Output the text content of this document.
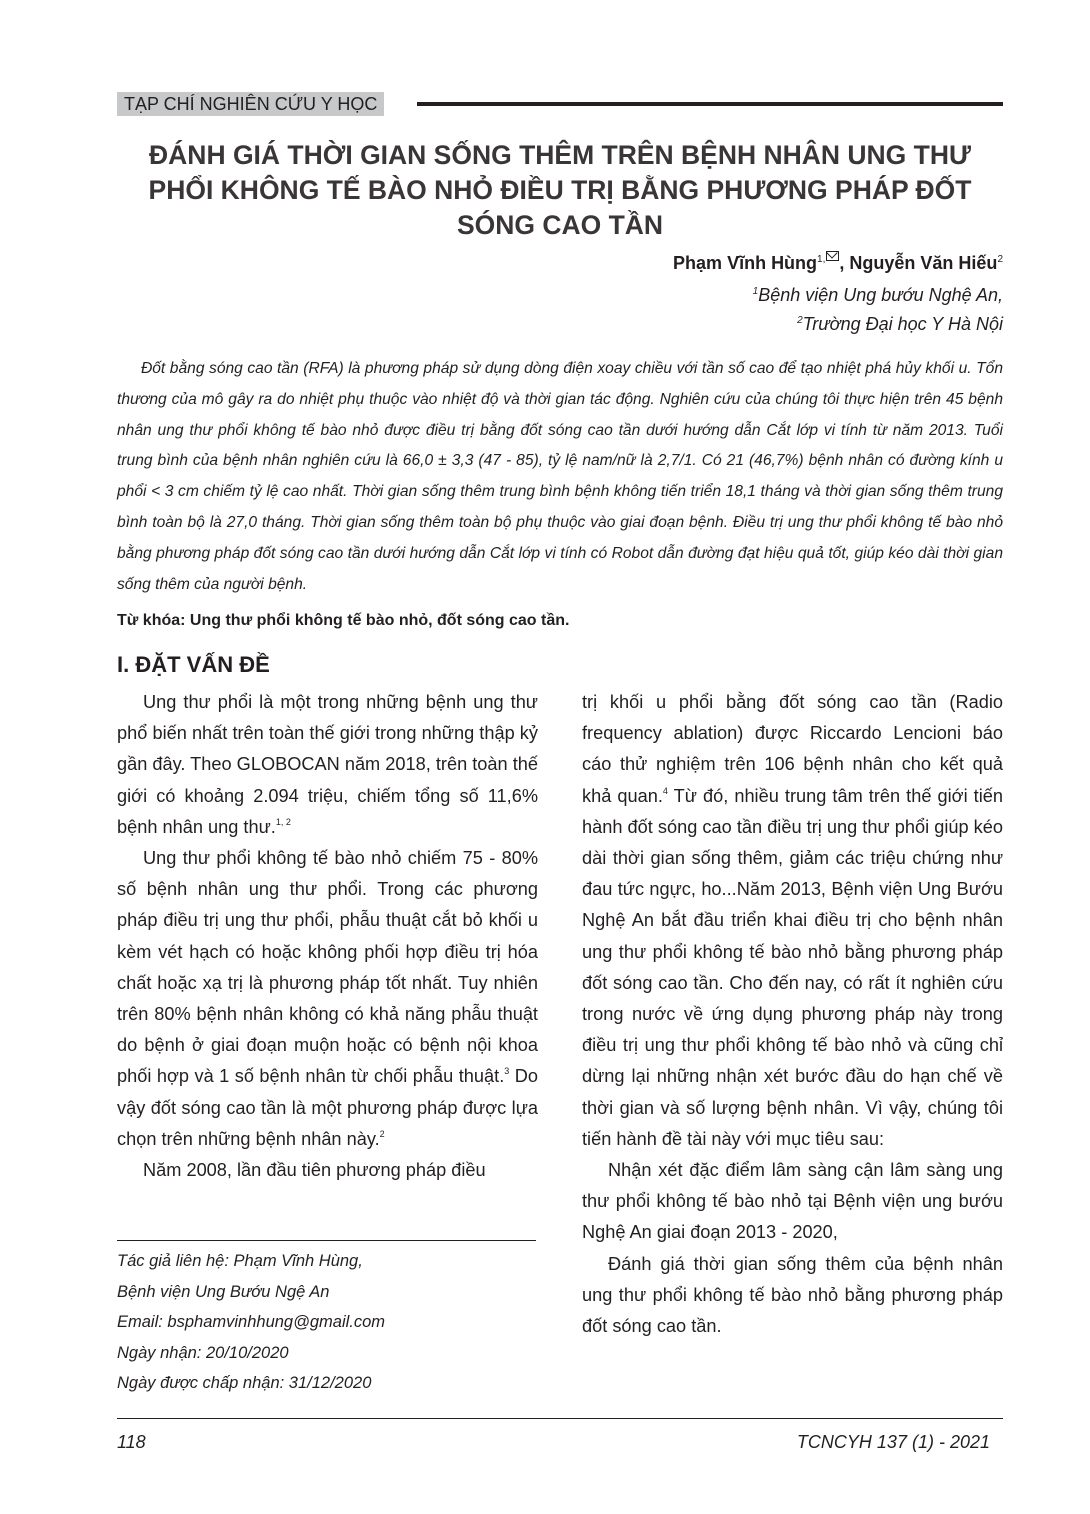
TẠP CHÍ NGHIÊN CỨU Y HỌC
ĐÁNH GIÁ THỜI GIAN SỐNG THÊM TRÊN BỆNH NHÂN UNG THƯ PHỔI KHÔNG TẾ BÀO NHỎ ĐIỀU TRỊ BẰNG PHƯƠNG PHÁP ĐỐT SÓNG CAO TẦN
Phạm Vĩnh Hùng$^{1,}$ , Nguyễn Văn Hiếu$^2$
$^1$Bệnh viện Ung bướu Nghệ An,
$^2$Trường Đại học Y Hà Nội

Đốt bằng sóng cao tần (RFA) là phương pháp sử dụng dòng điện xoay chiều với tần số cao để tạo nhiệt phá hủy khối u. Tổn thương của mô gây ra do nhiệt phụ thuộc vào nhiệt độ và thời gian tác động. Nghiên cứu của chúng tôi thực hiện trên 45 bệnh nhân ung thư phổi không tế bào nhỏ được điều trị bằng đốt sóng cao tần dưới hướng dẫn Cắt lớp vi tính từ năm 2013. Tuổi trung bình của bệnh nhân nghiên cứu là 66,0 ± 3,3 (47 - 85), tỷ lệ nam/nữ là 2,7/1. Có 21 (46,7%) bệnh nhân có đường kính u phổi < 3 cm chiếm tỷ lệ cao nhất. Thời gian sống thêm trung bình bệnh không tiến triển 18,1 tháng và thời gian sống thêm trung bình toàn bộ là 27,0 tháng. Thời gian sống thêm toàn bộ phụ thuộc vào giai đoạn bệnh. Điều trị ung thư phổi không tế bào nhỏ bằng phương pháp đốt sóng cao tần dưới hướng dẫn Cắt lớp vi tính có Robot dẫn đường đạt hiệu quả tốt, giúp kéo dài thời gian sống thêm của người bệnh.

Từ khóa: Ung thư phổi không tế bào nhỏ, đốt sóng cao tần.
I. ĐẶT VẤN ĐỀ

Ung thư phổi là một trong những bệnh ung thư phổ biến nhất trên toàn thế giới trong những thập kỷ gần đây. Theo GLOBOCAN năm 2018, trên toàn thế giới có khoảng 2.094 triệu, chiếm tổng số 11,6% bệnh nhân ung thư.$^{1, 2}$

Ung thư phổi không tế bào nhỏ chiếm 75 - 80% số bệnh nhân ung thư phổi. Trong các phương pháp điều trị ung thư phổi, phẫu thuật cắt bỏ khối u kèm vét hạch có hoặc không phối hợp điều trị hóa chất hoặc xạ trị là phương pháp tốt nhất. Tuy nhiên trên 80% bệnh nhân không có khả năng phẫu thuật do bệnh ở giai đoạn muộn hoặc có bệnh nội khoa phối hợp và 1 số bệnh nhân từ chối phẫu thuật.$^3$ Do vậy đốt sóng cao tần là một phương pháp được lựa chọn trên những bệnh nhân này.$^2$

Năm 2008, lần đầu tiên phương pháp điều

trị khối u phổi bằng đốt sóng cao tần (Radio frequency ablation) được Riccardo Lencioni báo cáo thử nghiệm trên 106 bệnh nhân cho kết quả khả quan.$^4$ Từ đó, nhiều trung tâm trên thế giới tiến hành đốt sóng cao tần điều trị ung thư phổi giúp kéo dài thời gian sống thêm, giảm các triệu chứng như đau tức ngực, ho...Năm 2013, Bệnh viện Ung Bướu Nghệ An bắt đầu triển khai điều trị cho bệnh nhân ung thư phổi không tế bào nhỏ bằng phương pháp đốt sóng cao tần. Cho đến nay, có rất ít nghiên cứu trong nước về ứng dụng phương pháp này trong điều trị ung thư phổi không tế bào nhỏ và cũng chỉ dừng lại những nhận xét bước đầu do hạn chế về thời gian và số lượng bệnh nhân. Vì vậy, chúng tôi tiến hành đề tài này với mục tiêu sau:

Nhận xét đặc điểm lâm sàng cận lâm sàng ung thư phổi không tế bào nhỏ tại Bệnh viện ung bướu Nghệ An giai đoạn 2013 - 2020,

Đánh giá thời gian sống thêm của bệnh nhân ung thư phổi không tế bào nhỏ bằng phương pháp đốt sóng cao tần.

Tác giả liên hệ: Phạm Vĩnh Hùng,
Bệnh viện Ung Bướu Ngệ An
Email: bsphamvinhhung@gmail.com
Ngày nhận: 20/10/2020
Ngày được chấp nhận: 31/12/2020
118	TCNCYH 137 (1) - 2021
